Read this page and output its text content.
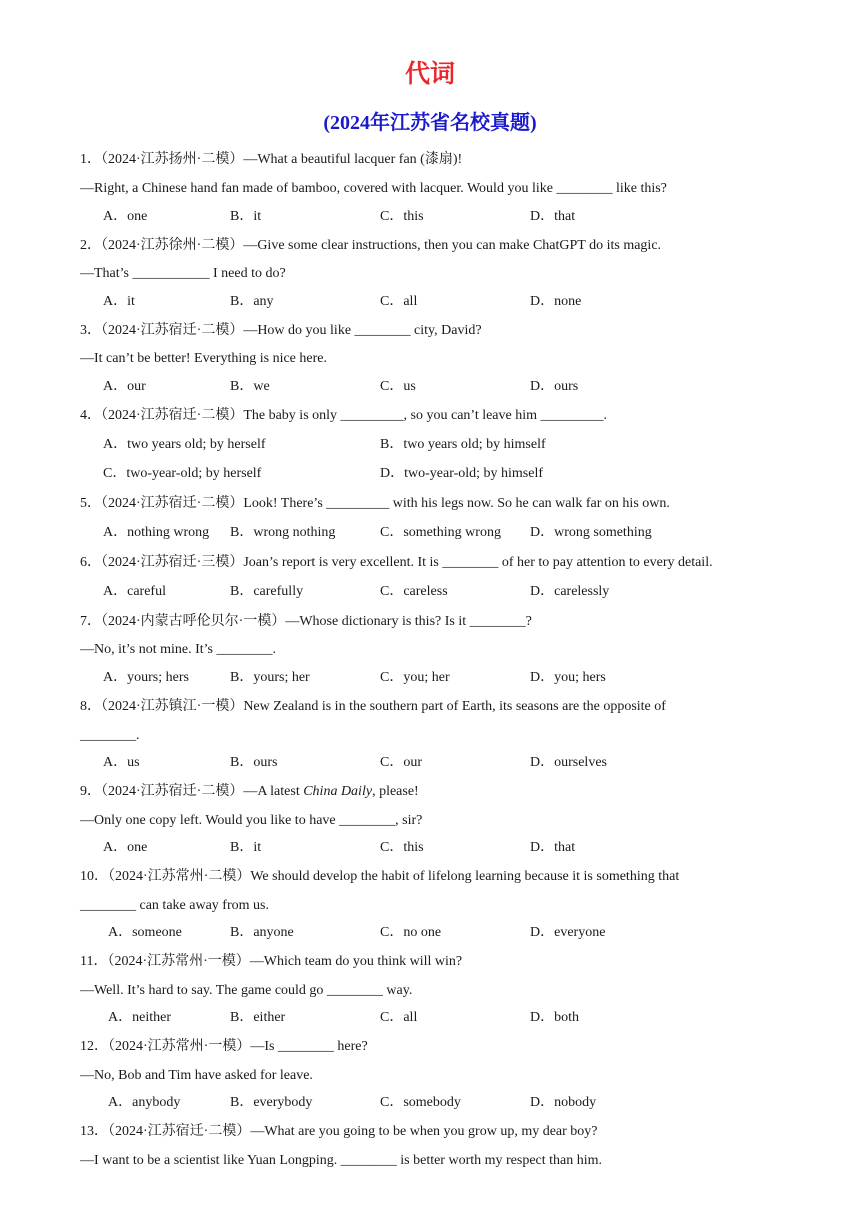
代词
(2024年江苏省名校真题)
1．（2024·江苏扬州·二模）—What a beautiful lacquer fan (漆扇)!
—Right, a Chinese hand fan made of bamboo, covered with lacquer. Would you like ________ like this?
A．one	B．it	C．this	D．that
2．（2024·江苏徐州·二模）—Give some clear instructions, then you can make ChatGPT do its magic.
—That’s ___________ I need to do?
A．it	B．any	C．all	D．none
3．（2024·江苏宿迁·二模）—How do you like ________ city, David?
—It can’t be better! Everything is nice here.
A．our	B．we	C．us	D．ours
4．（2024·江苏宿迁·二模）The baby is only _________, so you can’t leave him _________.
A．two years old; by herself	B．two years old; by himself
C．two-year-old; by herself	D．two-year-old; by himself
5．（2024·江苏宿迁·二模）Look! There’s _________ with his legs now. So he can walk far on his own.
A．nothing wrong B．wrong nothing	C．something wrong D．wrong something
6．（2024·江苏宿迁·三模）Joan’s report is very excellent. It is ________ of her to pay attention to every detail.
A．careful	B．carefully	C．careless	D．carelessly
7．（2024·内蒙古呼伦贝尔·一模）—Whose dictionary is this? Is it ________?
—No, it’s not mine. It’s ________.
A．yours; hers	B．yours; her	C．you; her	D．you; hers
8．（2024·江苏镇江·一模）New Zealand is in the southern part of Earth, its seasons are the opposite of
________.
A．us	B．ours	C．our	D．ourselves
9．（2024·江苏宿迁·二模）—A latest China Daily, please!
—Only one copy left. Would you like to have ________, sir?
A．one	B．it	C．this	D．that
10．（2024·江苏常州·二模）We should develop the habit of lifelong learning because it is something that
________ can take away from us.
A．someone	B．anyone	C．no one	D．everyone
11．（2024·江苏常州·一模）—Which team do you think will win?
—Well. It’s hard to say. The game could go ________ way.
A．neither	B．either	C．all	D．both
12．（2024·江苏常州·一模）—Is ________ here?
—No, Bob and Tim have asked for leave.
A．anybody	B．everybody	C．somebody	D．nobody
13．（2024·江苏宿迁·二模）—What are you going to be when you grow up, my dear boy?
—I want to be a scientist like Yuan Longping. ________ is better worth my respect than him.
